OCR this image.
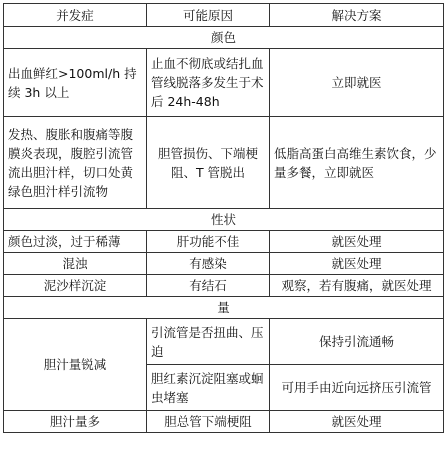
并发症	可能原因	解决方案
颜色		
出血鲜红>100ml/h 持续 3h 以上	止血不彻底或结扎血管线脱落多发生于术后 24h-48h	立即就医
发热、腹胀和腹痛等腹膜炎表现，腹腔引流管流出胆汁样，切口处黄绿色胆汁样引流物	胆管损伤、下端梗阻、T 管脱出	低脂高蛋白高维生素饮食，少量多餐，立即就医
性状		
颜色过淡，过于稀薄	肝功能不佳	就医处理
混浊	有感染	就医处理
泥沙样沉淀	有结石	观察，若有腹痛，就医处理
量		
胆汁量锐减	引流管是否扭曲、压迫	保持引流通畅
	胆红素沉淀阻塞或蛔虫堵塞	可用手由近向远挤压引流管
胆汁量多	胆总管下端梗阻	就医处理
